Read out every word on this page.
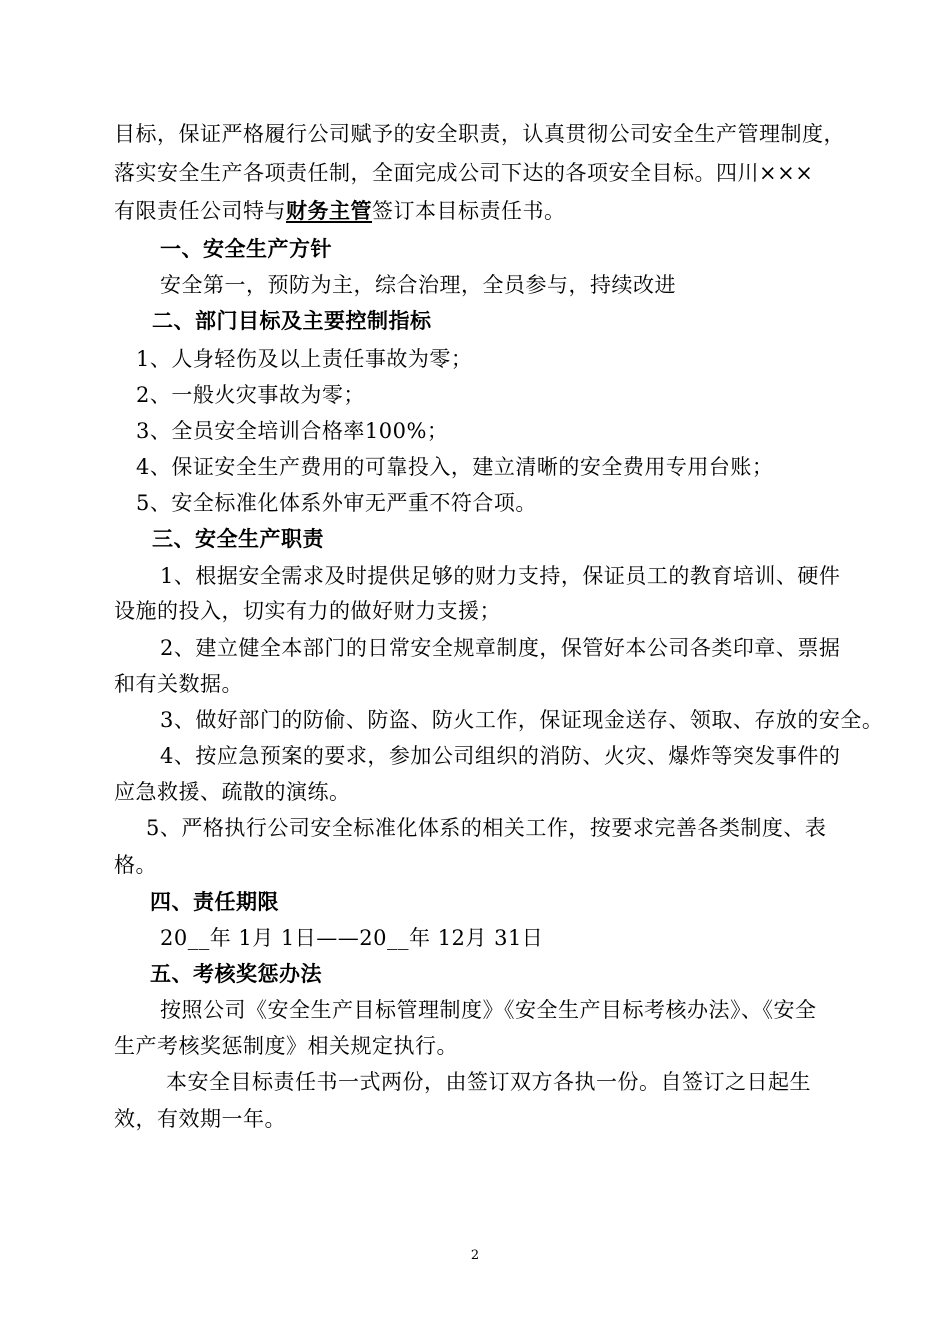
目标，保证严格履行公司赋予的安全职责，认真贯彻公司安全生产管理制度，
落实安全生产各项责任制，全面完成公司下达的各项安全目标。四川×××
有限责任公司特与财务主管签订本目标责任书。
一、安全生产方针
安全第一，预防为主，综合治理，全员参与，持续改进
二、部门目标及主要控制指标
1、人身轻伤及以上责任事故为零；
2、一般火灾事故为零；
3、全员安全培训合格率100%；
4、保证安全生产费用的可靠投入，建立清晰的安全费用专用台账；
5、安全标准化体系外审无严重不符合项。
三、安全生产职责
1、根据安全需求及时提供足够的财力支持，保证员工的教育培训、硬件
设施的投入，切实有力的做好财力支援；
2、建立健全本部门的日常安全规章制度，保管好本公司各类印章、票据
和有关数据。
3、做好部门的防偷、防盗、防火工作，保证现金送存、领取、存放的安全。
4、按应急预案的要求，参加公司组织的消防、火灾、爆炸等突发事件的
应急救援、疏散的演练。
5、严格执行公司安全标准化体系的相关工作，按要求完善各类制度、表
格。
四、责任期限
20__年 1月 1日——20__年 12月 31日
五、考核奖惩办法
按照公司《安全生产目标管理制度》《安全生产目标考核办法》、《安全
生产考核奖惩制度》相关规定执行。
本安全目标责任书一式两份，由签订双方各执一份。自签订之日起生
效，有效期一年。
2
